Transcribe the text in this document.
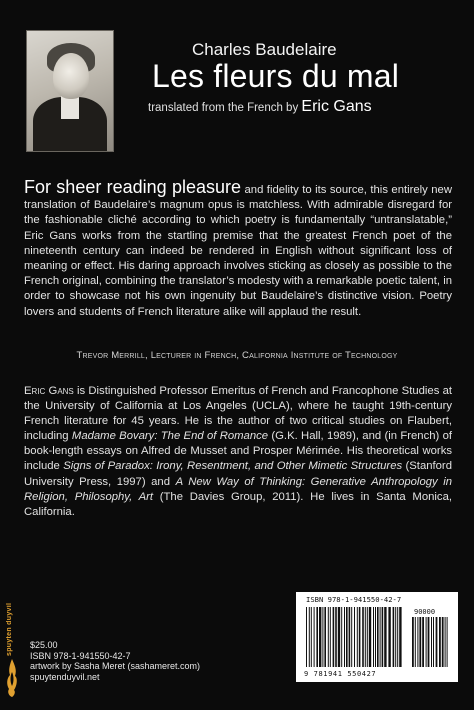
Charles Baudelaire
Les fleurs du mal
translated from the French by Eric Gans
For sheer reading pleasure and fidelity to its source, this entirely new translation of Baudelaire’s magnum opus is matchless. With admirable disregard for the fashionable cliché according to which poetry is fundamentally “untranslatable,” Eric Gans works from the startling premise that the greatest French poet of the nineteenth century can indeed be rendered in English without significant loss of meaning or effect. His daring approach involves sticking as closely as possible to the French original, combining the translator’s modesty with a remarkable poetic talent, in order to showcase not his own ingenuity but Baudelaire’s distinctive vision. Poetry lovers and students of French literature alike will applaud the result.
Trevor Merrill, Lecturer in French, California Institute of Technology
Eric Gans is Distinguished Professor Emeritus of French and Francophone Studies at the University of California at Los Angeles (UCLA), where he taught 19th-century French literature for 45 years. He is the author of two critical studies on Flaubert, including Madame Bovary: The End of Romance (G.K. Hall, 1989), and (in French) of book-length essays on Alfred de Musset and Prosper Mérimée. His theoretical works include Signs of Paradox: Irony, Resentment, and Other Mimetic Structures (Stanford University Press, 1997) and A New Way of Thinking: Generative Anthropology in Religion, Philosophy, Art (The Davies Group, 2011). He lives in Santa Monica, California.
spuyten duyvil	$25.00
ISBN 978-1-941550-42-7
artwork by Sasha Meret (sashameret.com)
spuytenduyvil.net
ISBN 978-1-941550-42-7
90000
9 781941 550427
